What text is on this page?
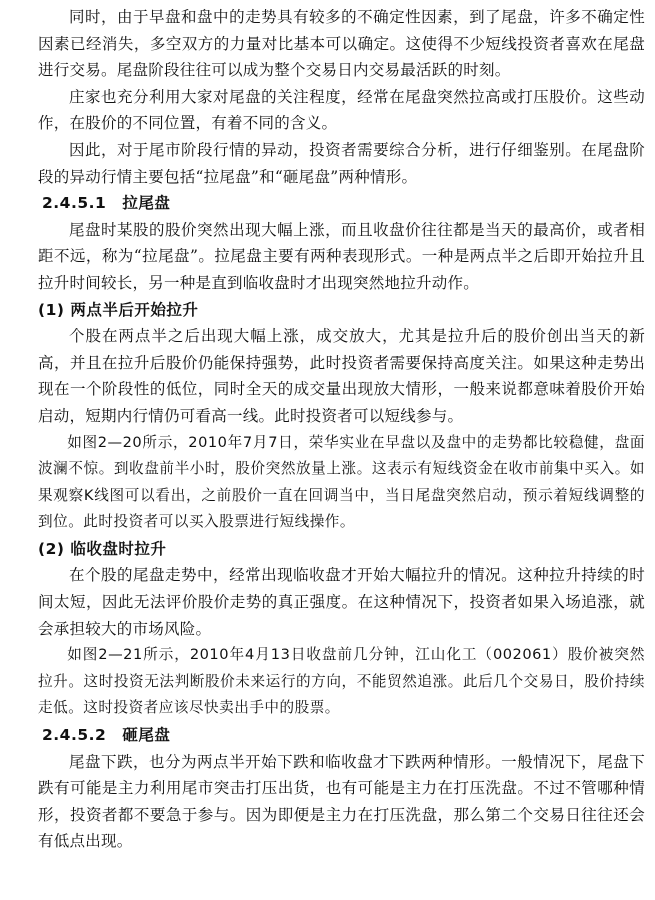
同时，由于早盘和盘中的走势具有较多的不确定性因素，到了尾盘，许多不确定性因素已经消失，多空双方的力量对比基本可以确定。这使得不少短线投资者喜欢在尾盘进行交易。尾盘阶段往往可以成为整个交易日内交易最活跃的时刻。

庄家也充分利用大家对尾盘的关注程度，经常在尾盘突然拉高或打压股价。这些动作，在股价的不同位置，有着不同的含义。

因此，对于尾市阶段行情的异动，投资者需要综合分析，进行仔细鉴别。在尾盘阶段的异动行情主要包括“拉尾盘”和“砸尾盘”两种情形。

2.4.5.1 拉尾盘

尾盘时某股的股价突然出现大幅上涨，而且收盘价往往都是当天的最高价，或者相距不远，称为“拉尾盘”。拉尾盘主要有两种表现形式。一种是两点半之后即开始拉升且拉升时间较长，另一种是直到临收盘时才出现突然地拉升动作。

(1) 两点半后开始拉升

个股在两点半之后出现大幅上涨，成交放大，尤其是拉升后的股价创出当天的新高，并且在拉升后股价仍能保持强势，此时投资者需要保持高度关注。如果这种走势出现在一个阶段性的低位，同时全天的成交量出现放大情形，一般来说都意味着股价开始启动，短期内行情仍可看高一线。此时投资者可以短线参与。

如图2—20所示，2010年7月7日，荣华实业在早盘以及盘中的走势都比较稳健，盘面波澜不惊。到收盘前半小时，股价突然放量上涨。这表示有短线资金在收市前集中买入。如果观察K线图可以看出，之前股价一直在回调当中，当日尾盘突然启动，预示着短线调整的到位。此时投资者可以买入股票进行短线操作。

(2) 临收盘时拉升

在个股的尾盘走势中，经常出现临收盘才开始大幅拉升的情况。这种拉升持续的时间太短，因此无法评价股价走势的真正强度。在这种情况下，投资者如果入场追涨，就会承担较大的市场风险。

如图2—21所示，2010年4月13日收盘前几分钟，江山化工（002061）股价被突然拉升。这时投资无法判断股价未来运行的方向，不能贸然追涨。此后几个交易日，股价持续走低。这时投资者应该尽快卖出手中的股票。

2.4.5.2 砸尾盘

尾盘下跌，也分为两点半开始下跌和临收盘才下跌两种情形。一般情况下，尾盘下跌有可能是主力利用尾市突击打压出货，也有可能是主力在打压洗盘。不过不管哪种情形，投资者都不要急于参与。因为即便是主力在打压洗盘，那么第二个交易日往往还会有低点出现。
